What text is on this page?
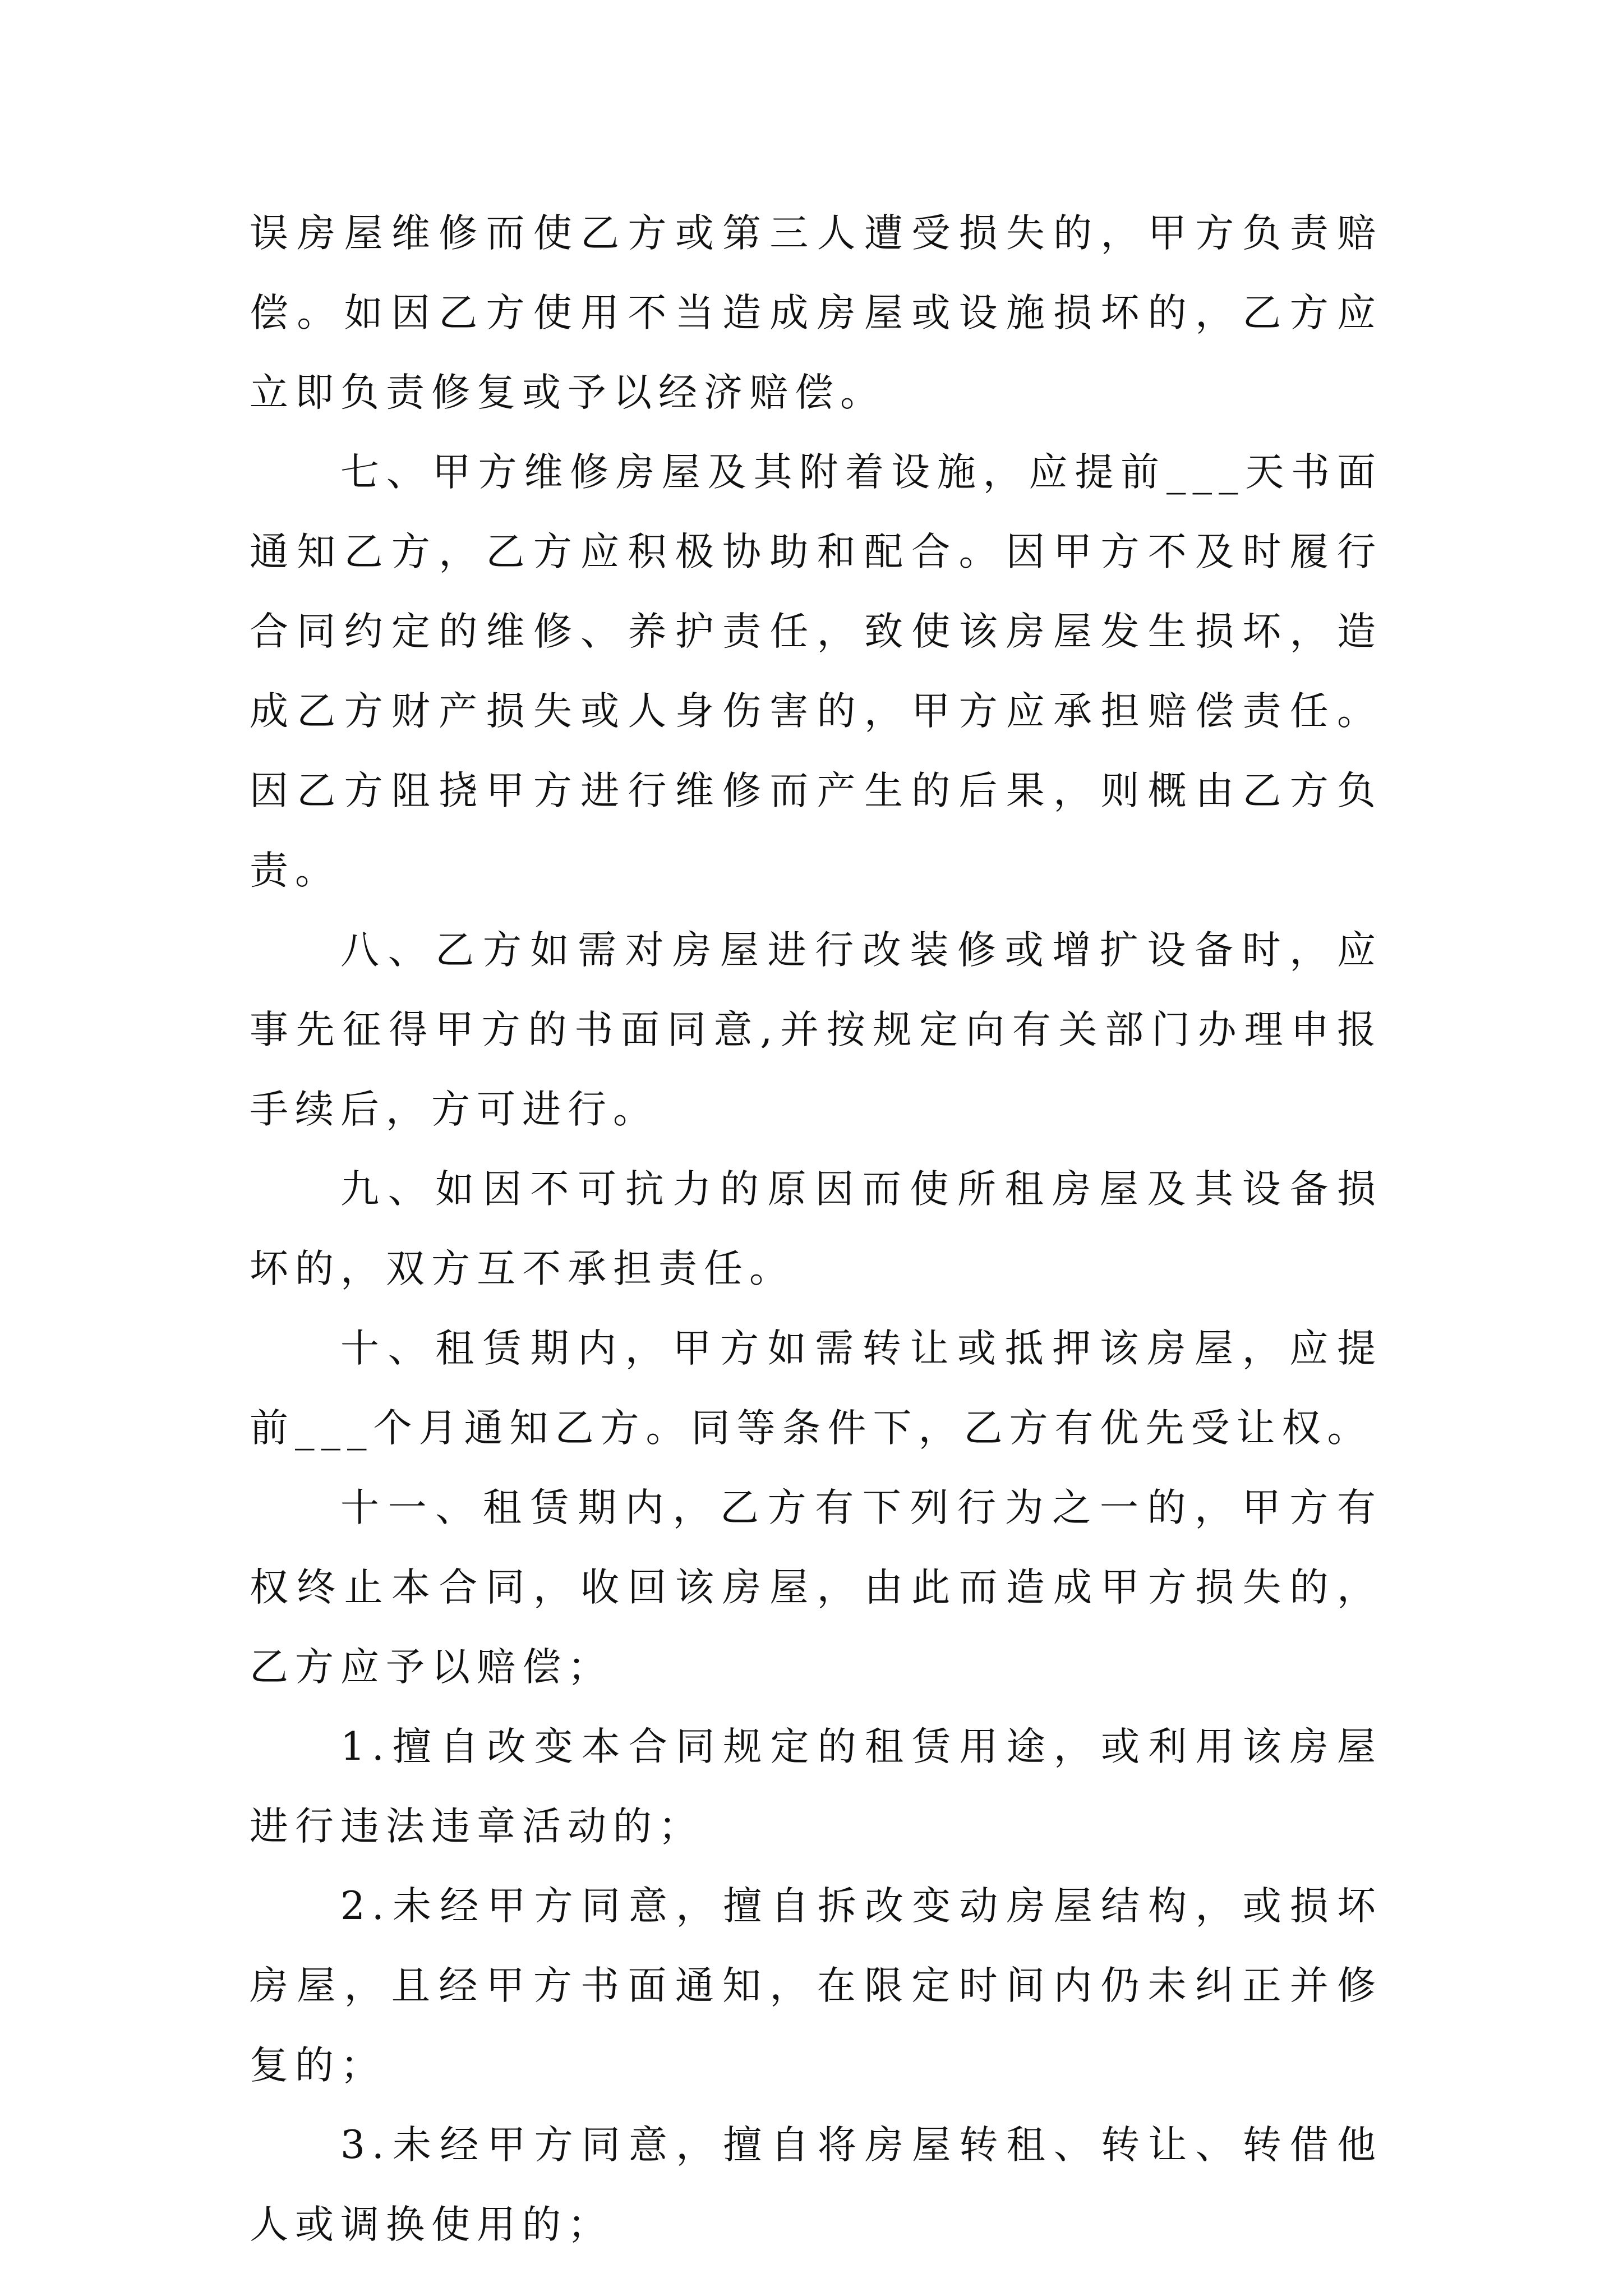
误房屋维修而使乙方或第三人遭受损失的，甲方负责赔偿。如因乙方使用不当造成房屋或设施损坏的，乙方应立即负责修复或予以经济赔偿。

七、甲方维修房屋及其附着设施，应提前___天书面通知乙方，乙方应积极协助和配合。因甲方不及时履行合同约定的维修、养护责任，致使该房屋发生损坏，造成乙方财产损失或人身伤害的，甲方应承担赔偿责任。因乙方阻挠甲方进行维修而产生的后果，则概由乙方负责。

八、乙方如需对房屋进行改装修或增扩设备时，应事先征得甲方的书面同意,并按规定向有关部门办理申报手续后，方可进行。

九、如因不可抗力的原因而使所租房屋及其设备损坏的，双方互不承担责任。

十、租赁期内，甲方如需转让或抵押该房屋，应提前___个月通知乙方。同等条件下，乙方有优先受让权。

十一、租赁期内，乙方有下列行为之一的，甲方有权终止本合同，收回该房屋，由此而造成甲方损失的，乙方应予以赔偿；

1.擅自改变本合同规定的租赁用途，或利用该房屋进行违法违章活动的；

2.未经甲方同意，擅自拆改变动房屋结构，或损坏房屋，且经甲方书面通知，在限定时间内仍未纠正并修复的；

3.未经甲方同意，擅自将房屋转租、转让、转借他人或调换使用的；
